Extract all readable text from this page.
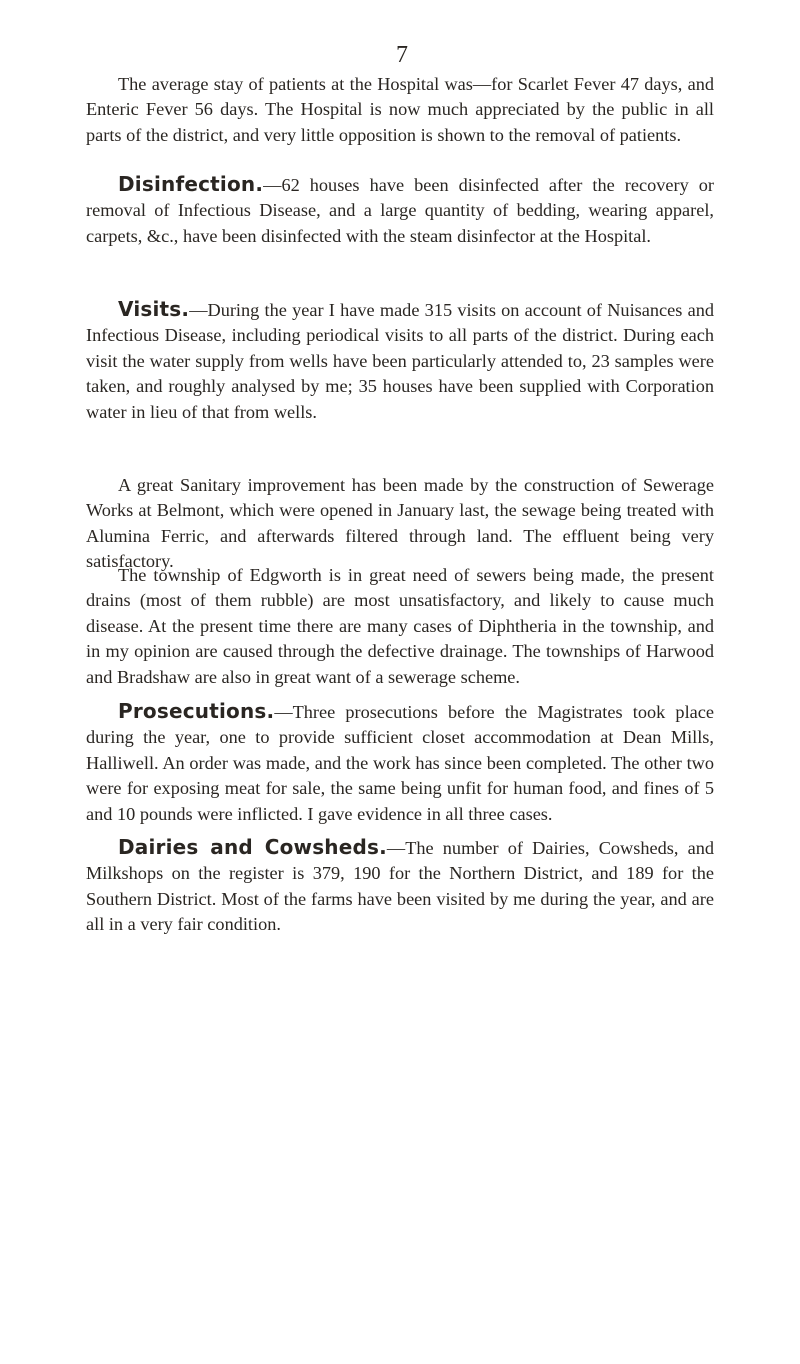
7

The average stay of patients at the Hospital was—for Scarlet Fever 47 days, and Enteric Fever 56 days. The Hospital is now much appreciated by the public in all parts of the district, and very little opposition is shown to the removal of patients.

Disinfection.—62 houses have been disinfected after the recovery or removal of Infectious Disease, and a large quantity of bedding, wearing apparel, carpets, &c., have been disinfected with the steam disinfector at the Hospital.

Visits.—During the year I have made 315 visits on account of Nuisances and Infectious Disease, including periodical visits to all parts of the district. During each visit the water supply from wells have been particularly attended to, 23 samples were taken, and roughly analysed by me; 35 houses have been supplied with Corporation water in lieu of that from wells.

A great Sanitary improvement has been made by the construction of Sewerage Works at Belmont, which were opened in January last, the sewage being treated with Alumina Ferric, and afterwards filtered through land. The effluent being very satisfactory.

The township of Edgworth is in great need of sewers being made, the present drains (most of them rubble) are most unsatisfactory, and likely to cause much disease. At the present time there are many cases of Diphtheria in the township, and in my opinion are caused through the defective drainage. The townships of Harwood and Bradshaw are also in great want of a sewerage scheme.

Prosecutions.—Three prosecutions before the Magistrates took place during the year, one to provide sufficient closet accommodation at Dean Mills, Halliwell. An order was made, and the work has since been completed. The other two were for exposing meat for sale, the same being unfit for human food, and fines of 5 and 10 pounds were inflicted. I gave evidence in all three cases.

Dairies and Cowsheds.—The number of Dairies, Cowsheds, and Milkshops on the register is 379, 190 for the Northern District, and 189 for the Southern District. Most of the farms have been visited by me during the year, and are all in a very fair condition.
